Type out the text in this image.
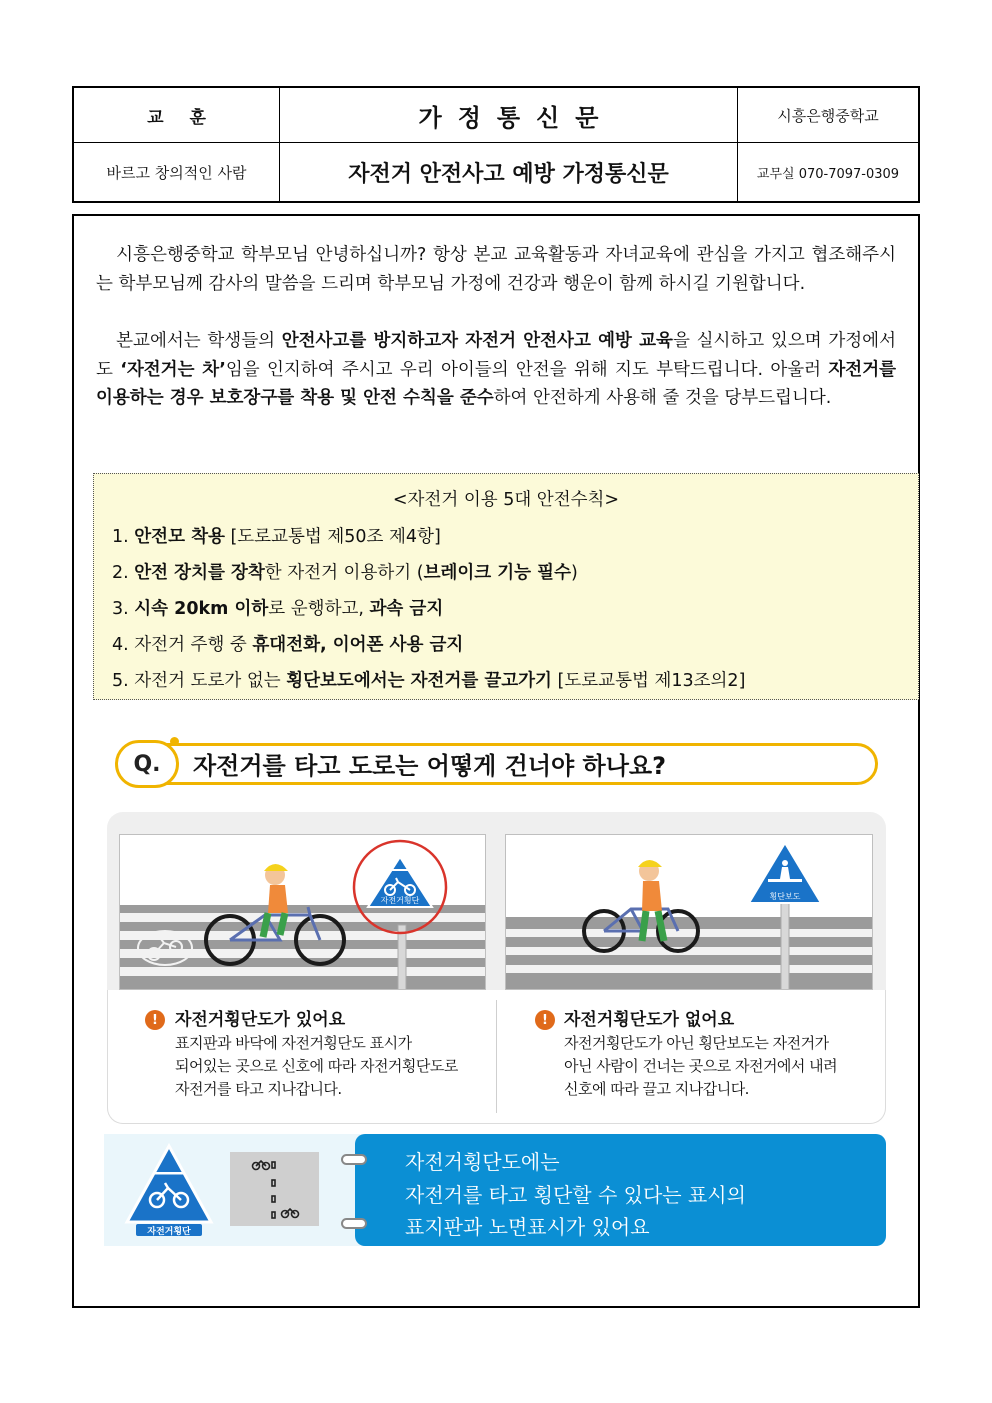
교훈	가정통신문	시흥은행중학교
바르고 창의적인 사람	자전거 안전사고 예방 가정통신문	교무실 070-7097-0309

시흥은행중학교 학부모님 안녕하십니까? 항상 본교 교육활동과 자녀교육에 관심을 가지고 협조해주시는 학부모님께 감사의 말씀을 드리며 학부모님 가정에 건강과 행운이 함께 하시길 기원합니다.

본교에서는 학생들의 안전사고를 방지하고자 자전거 안전사고 예방 교육을 실시하고 있으며 가정에서도 ‘자전거는 차’임을 인지하여 주시고 우리 아이들의 안전을 위해 지도 부탁드립니다. 아울러 자전거를 이용하는 경우 보호장구를 착용 및 안전 수칙을 준수하여 안전하게 사용해 줄 것을 당부드립니다.

<자전거 이용 5대 안전수칙>
1. 안전모 착용 [도로교통법 제50조 제4항]
2. 안전 장치를 장착한 자전거 이용하기 (브레이크 기능 필수)
3. 시속 20km 이하로 운행하고, 과속 금지
4. 자전거 주행 중 휴대전화, 이어폰 사용 금지
5. 자전거 도로가 없는 횡단보도에서는 자전거를 끌고가기 [도로교통법 제13조의2]
Q.	자전거를 타고 도로는 어떻게 건너야 하나요?
자전거횡단	횡단보도
!	자전거횡단도가 있어요
표지판과 바닥에 자전거횡단도 표시가
되어있는 곳으로 신호에 따라 자전거횡단도로
자전거를 타고 지나갑니다.
! 자전거횡단도가 없어요
자전거횡단도가 아닌 횡단보도는 자전거가
아닌 사람이 건너는 곳으로 자전거에서 내려
신호에 따라 끌고 지나갑니다.
자전거횡단
자전거횡단도에는
자전거를 타고 횡단할 수 있다는 표시의
표지판과 노면표시가 있어요
